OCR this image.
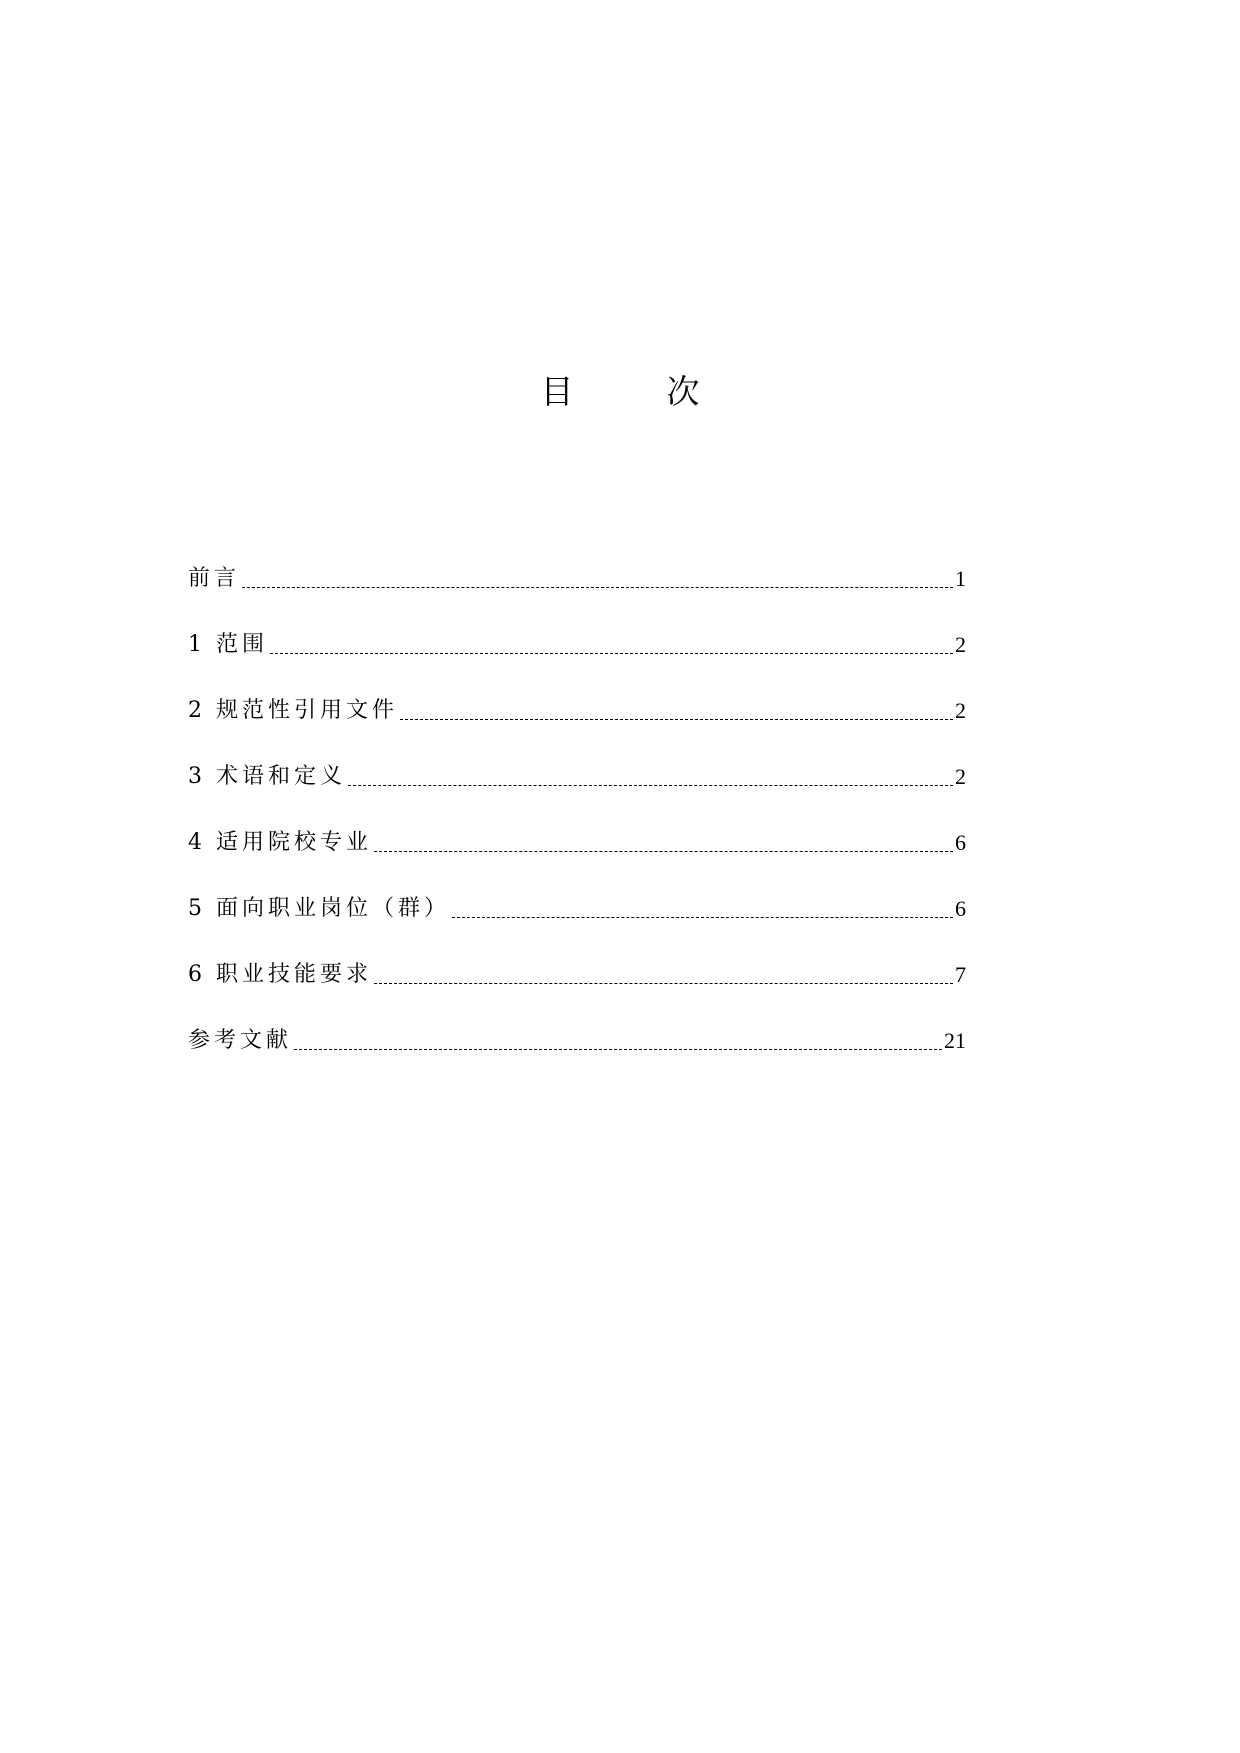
目　次
前言	1
1 范围	2
2 规范性引用文件	2
3 术语和定义	2
4 适用院校专业	6
5 面向职业岗位（群）	6
6 职业技能要求	7
参考文献	21
